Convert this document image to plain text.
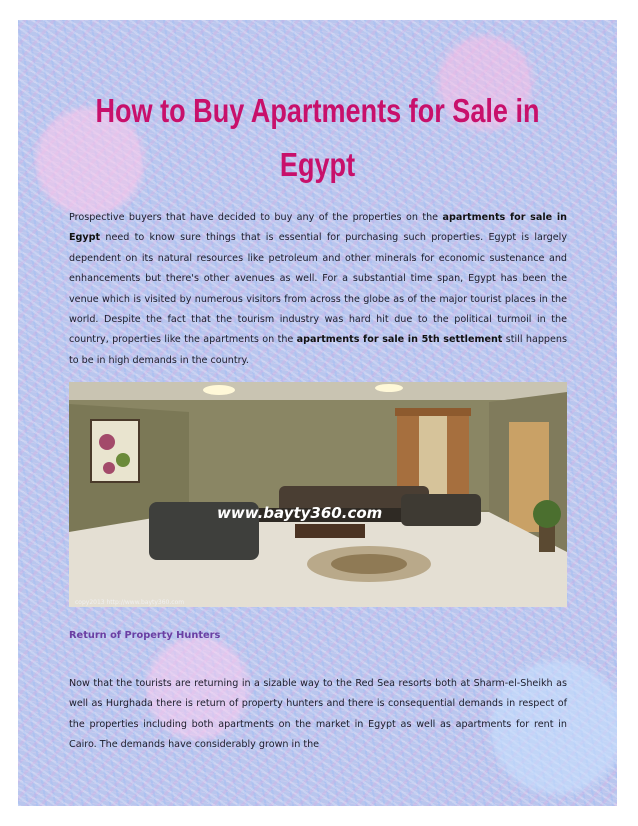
How to Buy Apartments for Sale in
Egypt

Prospective buyers that have decided to buy any of the properties on the apartments for sale in Egypt need to know sure things that is essential for purchasing such properties. Egypt is largely dependent on its natural resources like petroleum and other minerals for economic sustenance and enhancements but there's other avenues as well. For a substantial time span, Egypt has been the venue which is visited by numerous visitors from across the globe as of the major tourist places in the world. Despite the fact that the tourism industry was hard hit due to the political turmoil in the country, properties like the apartments on the apartments for sale in 5th settlement still happens to be in high demands in the country.

www.bayty360.com
copy2013 http://www.bayty360.com
Return of Property Hunters

Now that the tourists are returning in a sizable way to the Red Sea resorts both at Sharm-el-Sheikh as well as Hurghada there is return of property hunters and there is consequential demands in respect of the properties including both apartments on the market in Egypt as well as apartments for rent in Cairo. The demands have considerably grown in the
